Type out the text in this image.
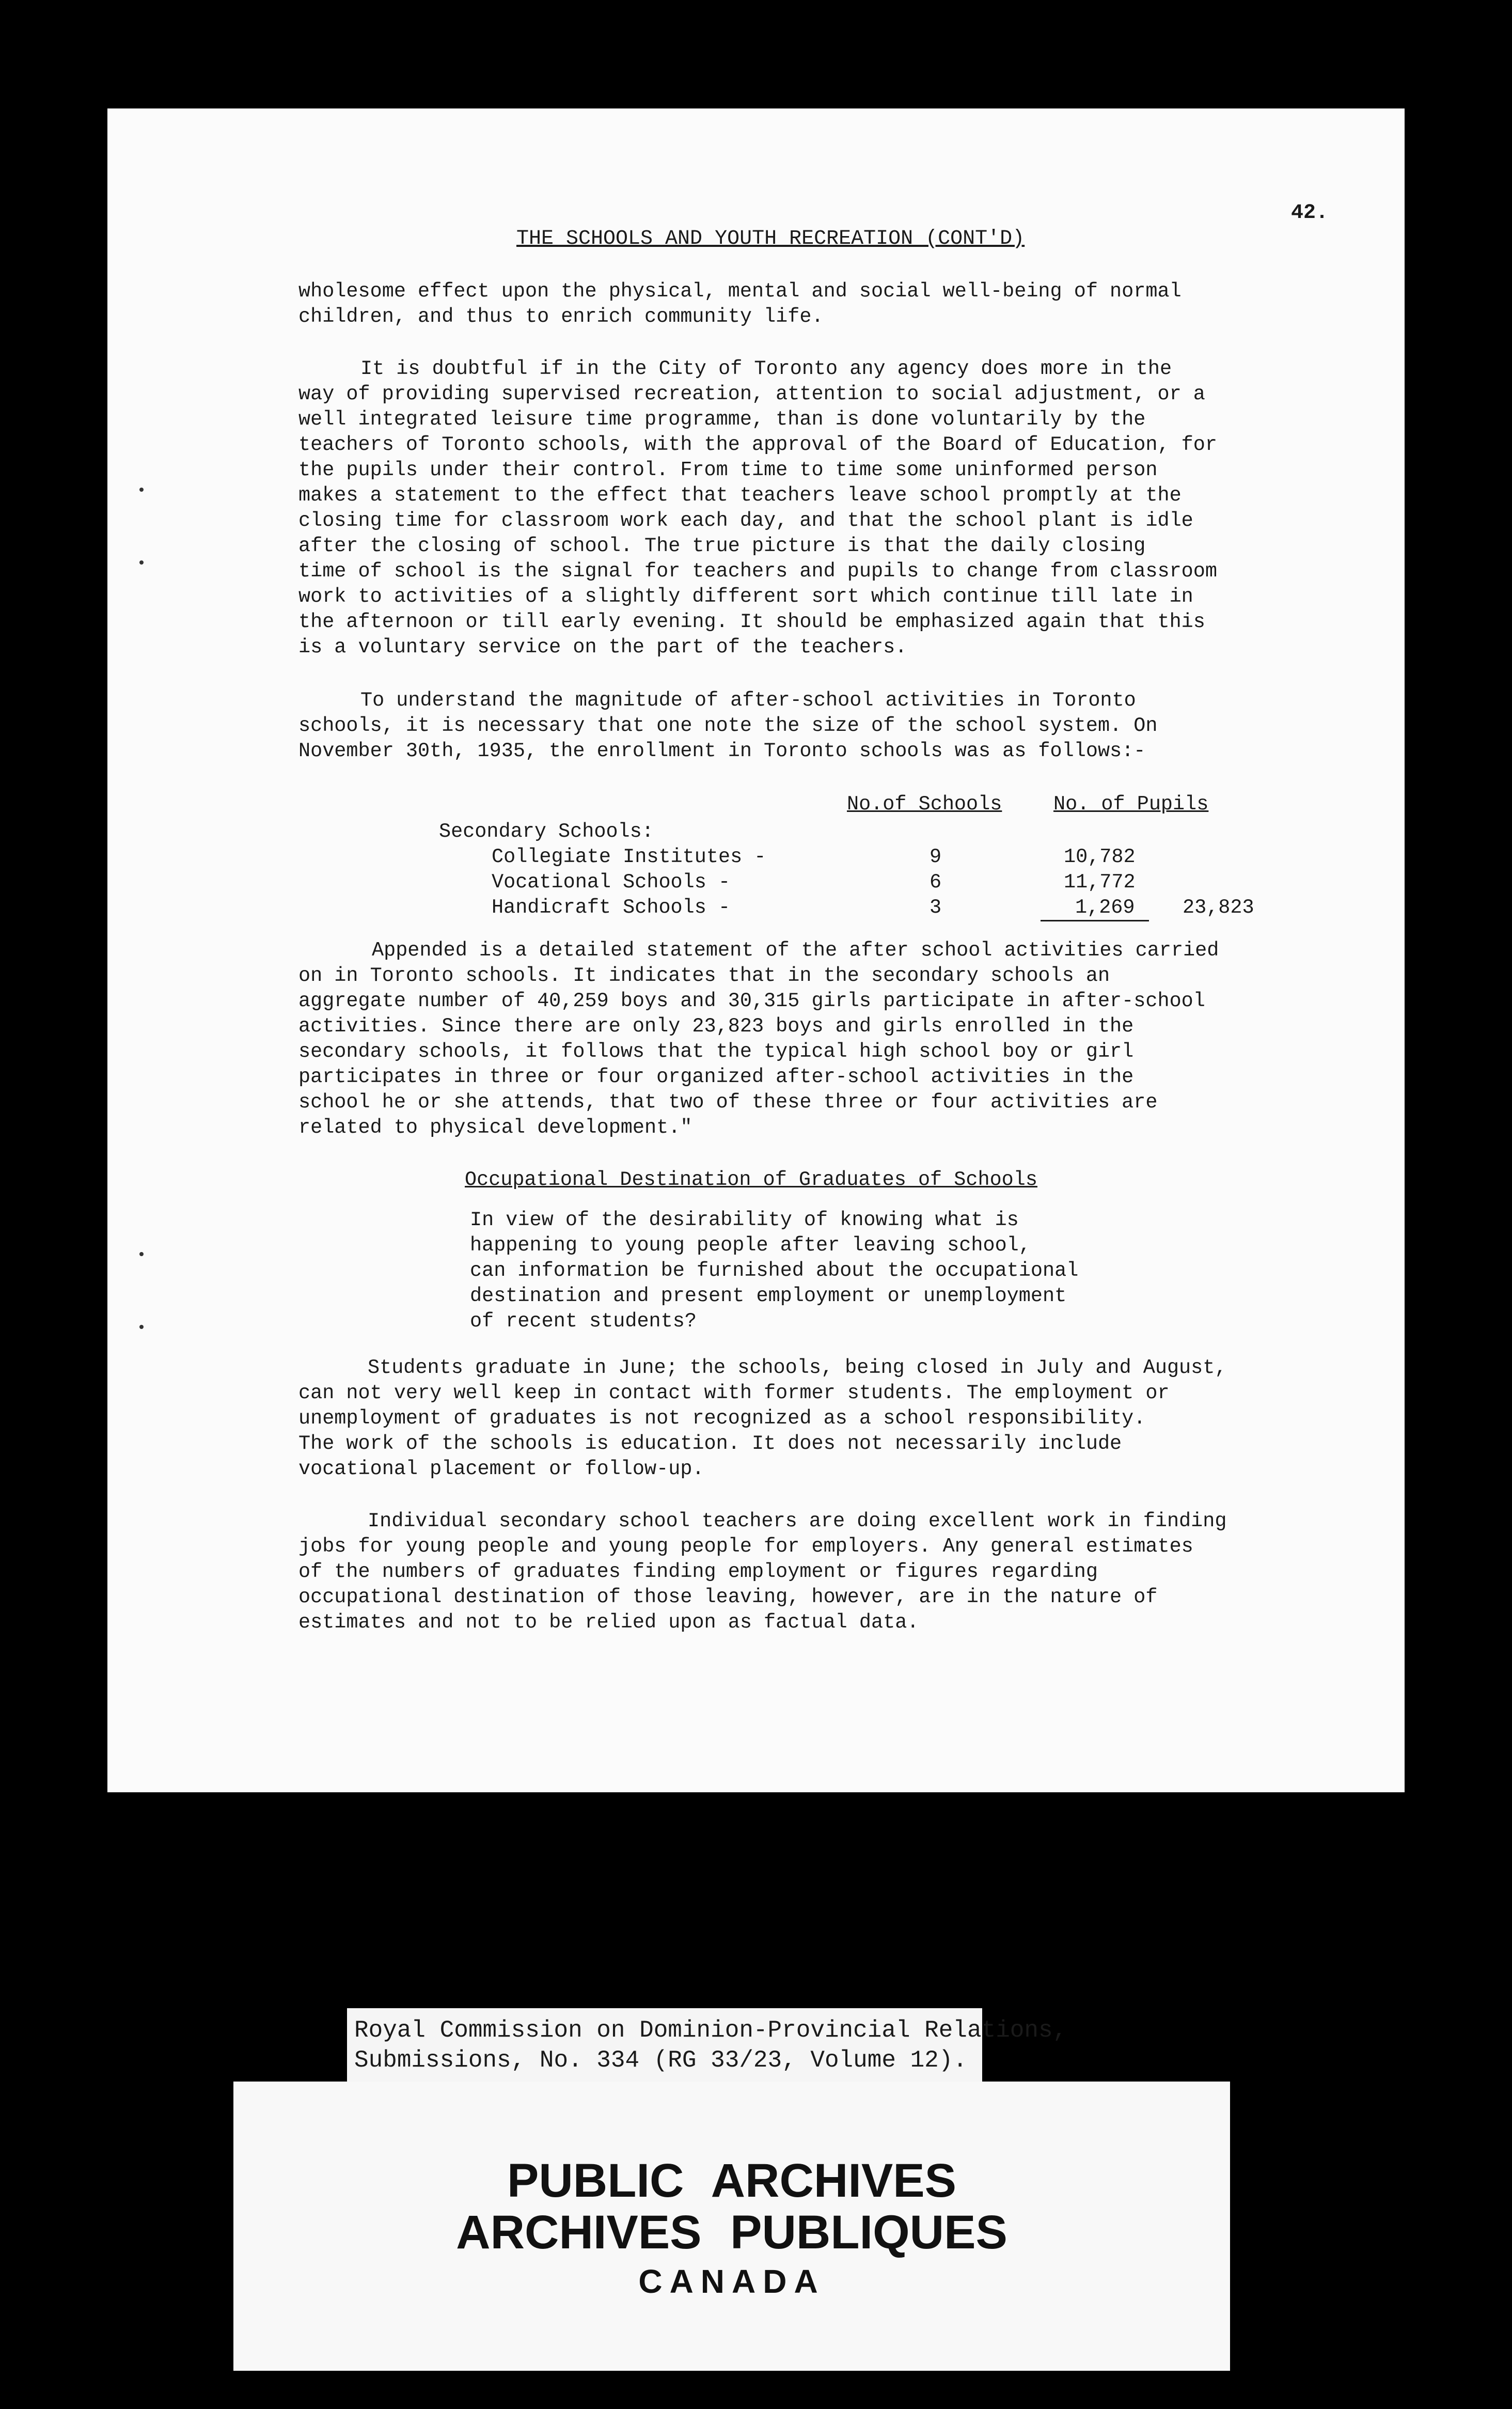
42.

THE SCHOOLS AND YOUTH RECREATION (CONT'D)

wholesome effect upon the physical, mental and social well-being of normal

children, and thus to enrich community life.

It is doubtful if in the City of Toronto any agency does more in the

way of providing supervised recreation, attention to social adjustment, or a

well integrated leisure time programme, than is done voluntarily by the

teachers of Toronto schools, with the approval of the Board of Education, for

the pupils under their control. From time to time some uninformed person

makes a statement to the effect that teachers leave school promptly at the

closing time for classroom work each day, and that the school plant is idle

after the closing of school. The true picture is that the daily closing

time of school is the signal for teachers and pupils to change from classroom

work to activities of a slightly different sort which continue till late in

the afternoon or till early evening. It should be emphasized again that this

is a voluntary service on the part of the teachers.

To understand the magnitude of after-school activities in Toronto

schools, it is necessary that one note the size of the school system. On

November 30th, 1935, the enrollment in Toronto schools was as follows:-

No.of Schools	No. of Pupils

Secondary Schools:

Collegiate Institutes -	9	10,782

Vocational Schools -	6	11,772

Handicraft Schools -	3	1,269 23,823

Appended is a detailed statement of the after school activities carried

on in Toronto schools. It indicates that in the secondary schools an

aggregate number of 40,259 boys and 30,315 girls participate in after-school

activities. Since there are only 23,823 boys and girls enrolled in the

secondary schools, it follows that the typical high school boy or girl

participates in three or four organized after-school activities in the

school he or she attends, that two of these three or four activities are

related to physical development."

Occupational Destination of Graduates of Schools

In view of the desirability of knowing what is

happening to young people after leaving school,

can information be furnished about the occupational

destination and present employment or unemployment

of recent students?

Students graduate in June; the schools, being closed in July and August,

can not very well keep in contact with former students. The employment or

unemployment of graduates is not recognized as a school responsibility.

The work of the schools is education. It does not necessarily include

vocational placement or follow-up.

Individual secondary school teachers are doing excellent work in finding

jobs for young people and young people for employers. Any general estimates

of the numbers of graduates finding employment or figures regarding

occupational destination of those leaving, however, are in the nature of

estimates and not to be relied upon as factual data.

Royal Commission on Dominion-Provincial Relations,

Submissions, No. 334 (RG 33/23, Volume 12).

PUBLIC ARCHIVES

ARCHIVES PUBLIQUES

CANADA
